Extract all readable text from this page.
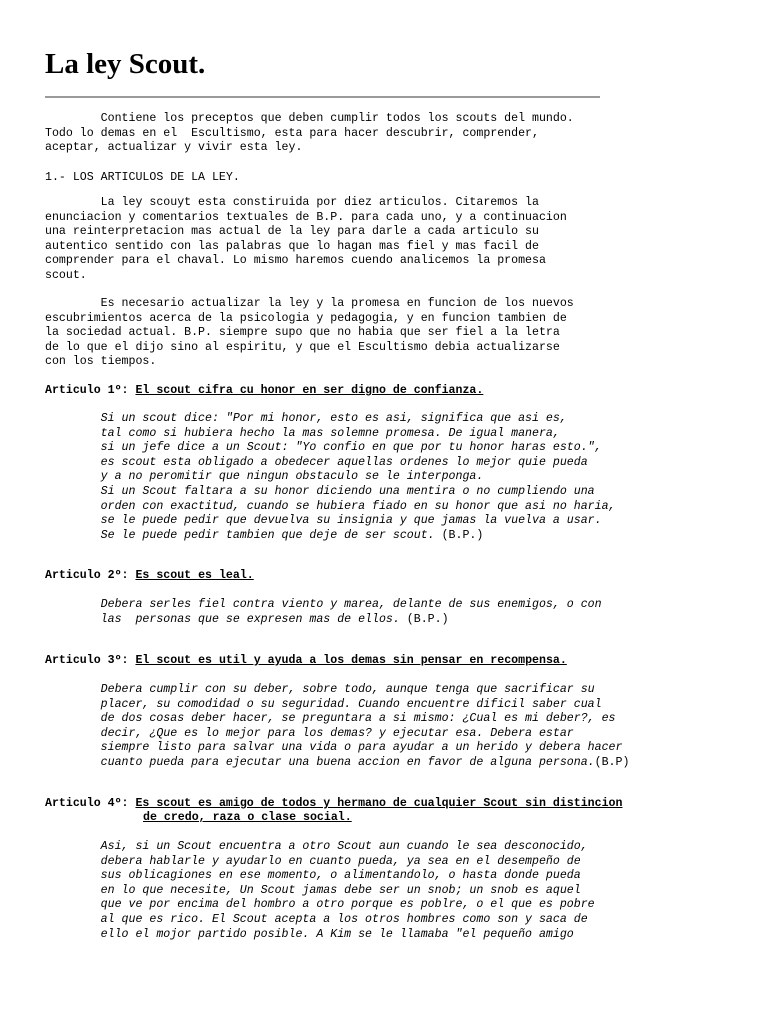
La ley Scout.

Contiene los preceptos que deben cumplir todos los scouts del mundo.
Todo lo demas en el  Escultismo, esta para hacer descubrir, comprender,
aceptar, actualizar y vivir esta ley.

1.- LOS ARTICULOS DE LA LEY.

La ley scouyt esta constiruida por diez articulos. Citaremos la
enunciacion y comentarios textuales de B.P. para cada uno, y a continuacion
una reinterpretacion mas actual de la ley para darle a cada articulo su
autentico sentido con las palabras que lo hagan mas fiel y mas facil de
comprender para el chaval. Lo mismo haremos cuendo analicemos la promesa
scout.

Es necesario actualizar la ley y la promesa en funcion de los nuevos
escubrimientos acerca de la psicologia y pedagogia, y en funcion tambien de
la sociedad actual. B.P. siempre supo que no habia que ser fiel a la letra
de lo que el dijo sino al espiritu, y que el Escultismo debia actualizarse
con los tiempos.

Articulo 1º: El scout cifra cu honor en ser digno de confianza.

Si un scout dice: "Por mi honor, esto es asi, significa que asi es,
tal como si hubiera hecho la mas solemne promesa. De igual manera,
si un jefe dice a un Scout: "Yo confio en que por tu honor haras esto.",
es scout esta obligado a obedecer aquellas ordenes lo mejor quie pueda
y a no peromitir que ningun obstaculo se le interponga.
Si un Scout faltara a su honor diciendo una mentira o no cumpliendo una
orden con exactitud, cuando se hubiera fiado en su honor que asi no haria,
se le puede pedir que devuelva su insignia y que jamas la vuelva a usar.
Se le puede pedir tambien que deje de ser scout. (B.P.)

Articulo 2º: Es scout es leal.

Debera serles fiel contra viento y marea, delante de sus enemigos, o con
las  personas que se expresen mas de ellos. (B.P.)

Articulo 3º: El scout es util y ayuda a los demas sin pensar en recompensa.

Debera cumplir con su deber, sobre todo, aunque tenga que sacrificar su
placer, su comodidad o su seguridad. Cuando encuentre dificil saber cual
de dos cosas deber hacer, se preguntara a si mismo: ¿Cual es mi deber?, es
decir, ¿Que es lo mejor para los demas? y ejecutar esa. Debera estar
siempre listo para salvar una vida o para ayudar a un herido y debera hacer
cuanto pueda para ejecutar una buena accion en favor de alguna persona.(B.P)

Articulo 4º: Es scout es amigo de todos y hermano de cualquier Scout sin distincion

de credo, raza o clase social.

Asi, si un Scout encuentra a otro Scout aun cuando le sea desconocido,
debera hablarle y ayudarlo en cuanto pueda, ya sea en el desempeño de
sus oblicagiones en ese momento, o alimentandolo, o hasta donde pueda
en lo que necesite, Un Scout jamas debe ser un snob; un snob es aquel
que ve por encima del hombro a otro porque es poblre, o el que es pobre
al que es rico. El Scout acepta a los otros hombres como son y saca de
ello el mojor partido posible. A Kim se le llamaba "el pequeño amigo
